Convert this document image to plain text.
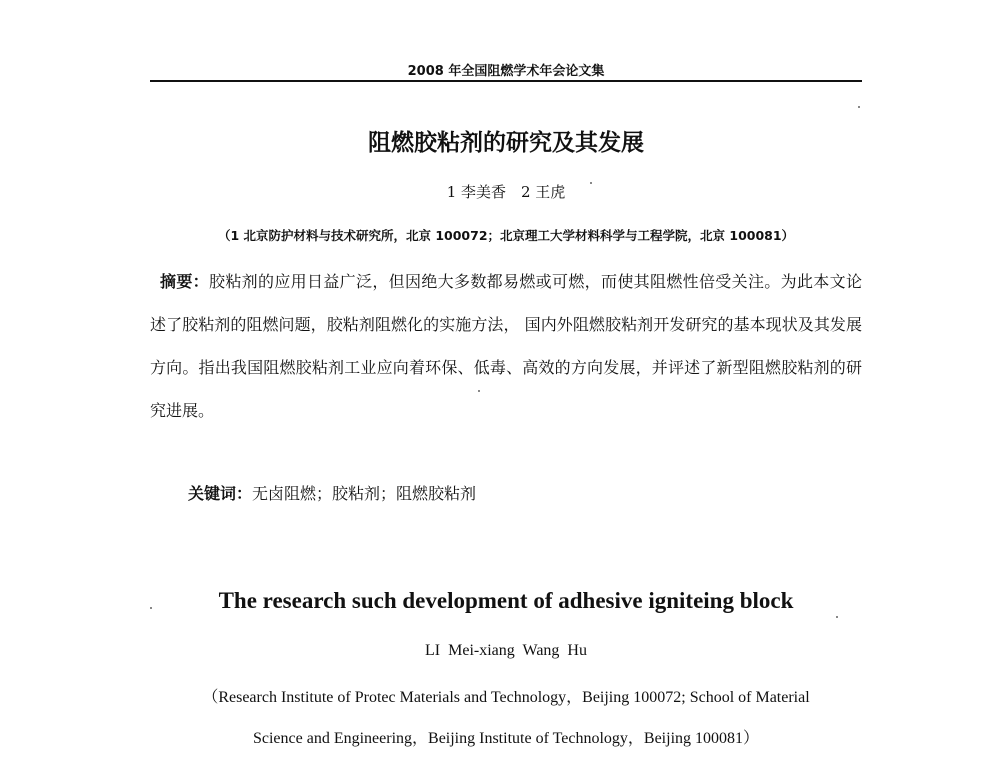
2008 年全国阻燃学术年会论文集
阻燃胶粘剂的研究及其发展
1 李美香　2 王虎
（1 北京防护材料与技术研究所，北京 100072；北京理工大学材料科学与工程学院，北京 100081）
摘要：胶粘剂的应用日益广泛，但因绝大多数都易燃或可燃，而使其阻燃性倍受关注。为此本文论述了胶粘剂的阻燃问题，胶粘剂阻燃化的实施方法， 国内外阻燃胶粘剂开发研究的基本现状及其发展方向。指出我国阻燃胶粘剂工业应向着环保、低毒、高效的方向发展，并评述了新型阻燃胶粘剂的研究进展。
关键词：无卤阻燃；胶粘剂；阻燃胶粘剂
The research such development of adhesive igniteing block
LI Mei-xiang Wang Hu
（Research Institute of Protec Materials and Technology，Beijing 100072; School of Material
Science and Engineering，Beijing Institute of Technology，Beijing 100081）
